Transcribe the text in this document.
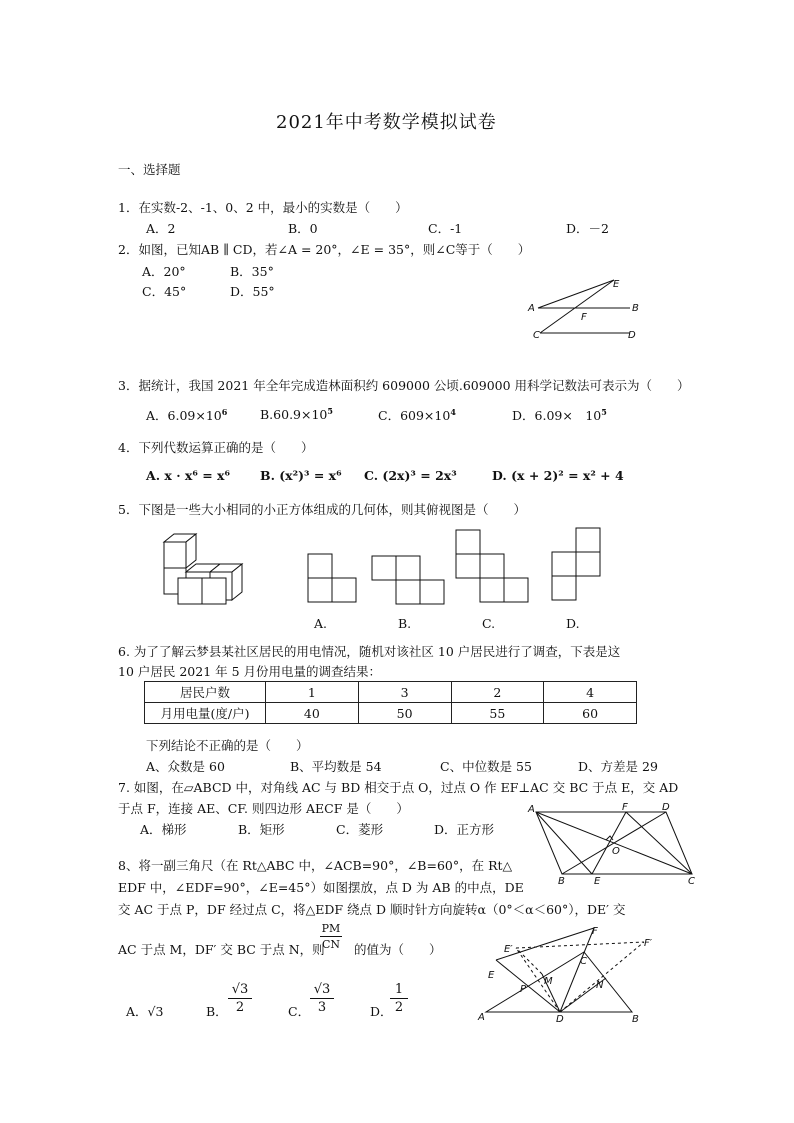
2021年中考数学模拟试卷
一、选择题
1．在实数-2、-1、0、2 中，最小的实数是（　　）
A．2	B．0	C．-1	D．－2
2．如图，已知AB ∥ CD，若∠A = 20°，∠E = 35°，则∠C等于（　　）
A．20°	B．35°
C．45°	D．55°
A	B
C	D
E
F
3．据统计，我国 2021 年全年完成造林面积约 609000 公顷.609000 用科学记数法可表示为（　　）
A．$6.09\times 10^6$	$B.60.9\times 10^5$	C．$609\times 10^4$	D．6.09×　$10^5$
4．下列代数运算正确的是（　　）
A. x · x⁶ = x⁶ B. (x²)³ = x⁶ C. (2x)³ = 2x³	D. (x + 2)² = x² + 4
5．下图是一些大小相同的小正方体组成的几何体，则其俯视图是（　　）
A.	B.	C.	D.
6. 为了了解云梦县某社区居民的用电情况，随机对该社区 10 户居民进行了调查，下表是这
10 户居民 2021 年 5 月份用电量的调查结果：
居民户数	1	3	2	4
月用电量(度/户)	40	50	55	60
下列结论不正确的是（　　）
A、众数是 60	B、平均数是 54	C、中位数是 55	D、方差是 29
7. 如图，在▱ABCD 中，对角线 AC 与 BD 相交于点 O，过点 O 作 EF⊥AC 交 BC 于点 E，交 AD
于点 F，连接 AE、CF. 则四边形 AECF 是（　　）
A．梯形	B．矩形	C．菱形	D．正方形
A	F	D
O
B	E	C
8、将一副三角尺（在 Rt△ABC 中，∠ACB=90°，∠B=60°，在 Rt△
EDF 中，∠EDF=90°，∠E=45°）如图摆放，点 D 为 AB 的中点，DE
交 AC 于点 P，DF 经过点 C，将△EDF 绕点 D 顺时针方向旋转α（0°＜α＜60°），DE′ 交
AC 于点 M，DF′ 交 BC 于点 N，则
PM
CN 的值为（　　）
A．√3	B．
√3
2	C．
√3
3	D．
1
2
E′
F
F′
E
C
M	N
P
A	D	B
